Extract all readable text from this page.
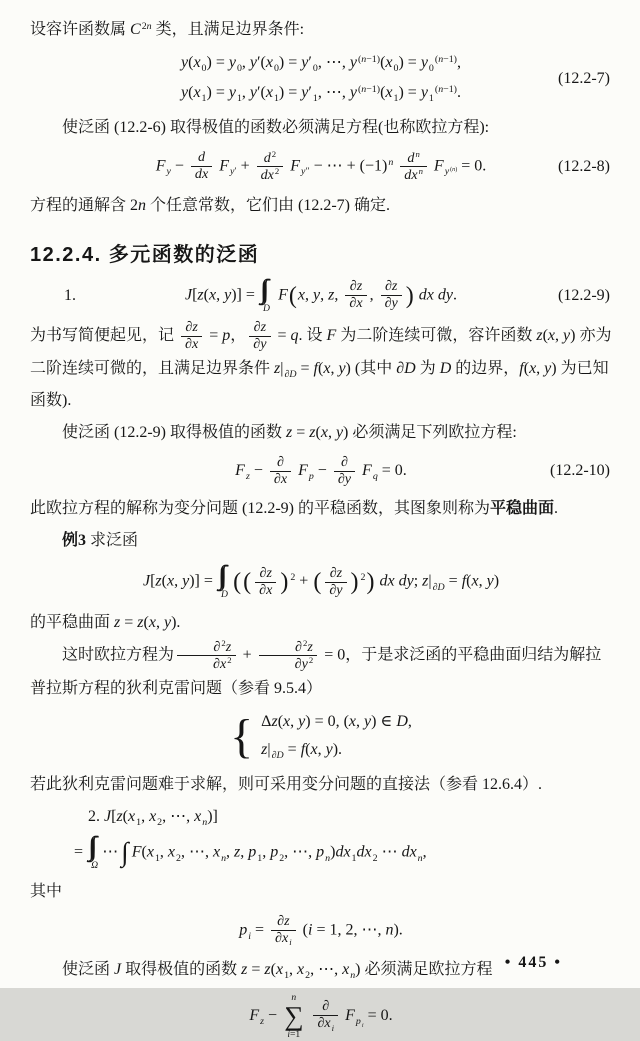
设容许函数属 $C^{2n}$ 类，且满足边界条件:

$y(x_0) = y_0$, $y'(x_0) = y'_0$, ⋯, $y^{(n-1)}(x_0) = y_0^{(n-1)}$,
$y(x_1) = y_1$, $y'(x_1) = y'_1$, ⋯, $y^{(n-1)}(x_1) = y_1^{(n-1)}$.
(12.2-7)

使泛函 (12.2-6) 取得极值的函数必须满足方程(也称欧拉方程):

$F_y - \frac{d}{dx} F_{y'} + \frac{d^2}{dx^2} F_{y''}$ − ⋯ + $(-1)^n \frac{d^n}{dx^n} F_{y^{(n)}} = 0$.	(12.2-8)

方程的通解含 2n 个任意常数，它们由 (12.2-7) 确定.

12.2.4. 多元函数的泛函
1.	J[z(x, y)] =
D
F(x, y, z, $\frac{\partial z}{\partial x}$ , $\frac{\partial z}{\partial y}$ ) dx dy.	(12.2-9)

为书写简便起见，记 $\frac{\partial z}{\partial x} = p$， $\frac{\partial z}{\partial y} = q$. 设 F 为二阶连续可微，容许函数 z(x, y) 亦为二阶连续可微的，且满足边界条件 $z|_{\partial D} = f(x$, y) (其中 ∂D 为 D 的边界，f(x, y) 为已知函数).

使泛函 (12.2-9) 取得极值的函数 z = z(x, y) 必须满足下列欧拉方程:

$F_z - \frac{\partial}{\partial x} F_p - \frac{\partial}{\partial y} F_q = 0$.	(12.2-10)

此欧拉方程的解称为变分问题 (12.2-9) 的平稳函数，其图象则称为平稳曲面.

例3 求泛函

J[z(x, y)] =
D (( $\frac{\partial z}{\partial x}$ ) $^2$ + ( $\frac{\partial z}{\partial y}$ ) $^2$) dx dy; $z|_{\partial D} = f(x$, y)

的平稳曲面 z = z(x, y).

这时欧拉方程为 $\frac{\partial^2z}{\partial x^2} + \frac{\partial^2z}{\partial y^2} = 0$，于是求泛函的平稳曲面归结为解拉普拉斯方程的狄利克雷问题（参看 9.5.4）

{ Δz(x, y) = 0, (x, y) ∈ D,
$z|_{\partial D} = f(x$, y).

若此狄利克雷问题难于求解，则可采用变分问题的直接法（参看 12.6.4）.

2. $J[z(x_1$, $x_2$, ⋯, $x_n$)]
=
Ω
⋯ ∫ $F(x_1$, $x_2$, ⋯, $x_n$, z, $p_1$, $p_2$, ⋯, $p_n)dx_1dx_2$ ⋯ $dx_n$,

其中

$p_i = \frac{\partial z}{\partial x_i} (i = 1$, 2, ⋯, n).

使泛函 J 取得极值的函数 $z = z(x_1$, $x_2$, ⋯, $x_n$) 必须满足欧拉方程

$F_z$ −
n
∑
i=1

$\frac{\partial}{\partial x_i} F_{p_i} = 0$.
• 445 •
